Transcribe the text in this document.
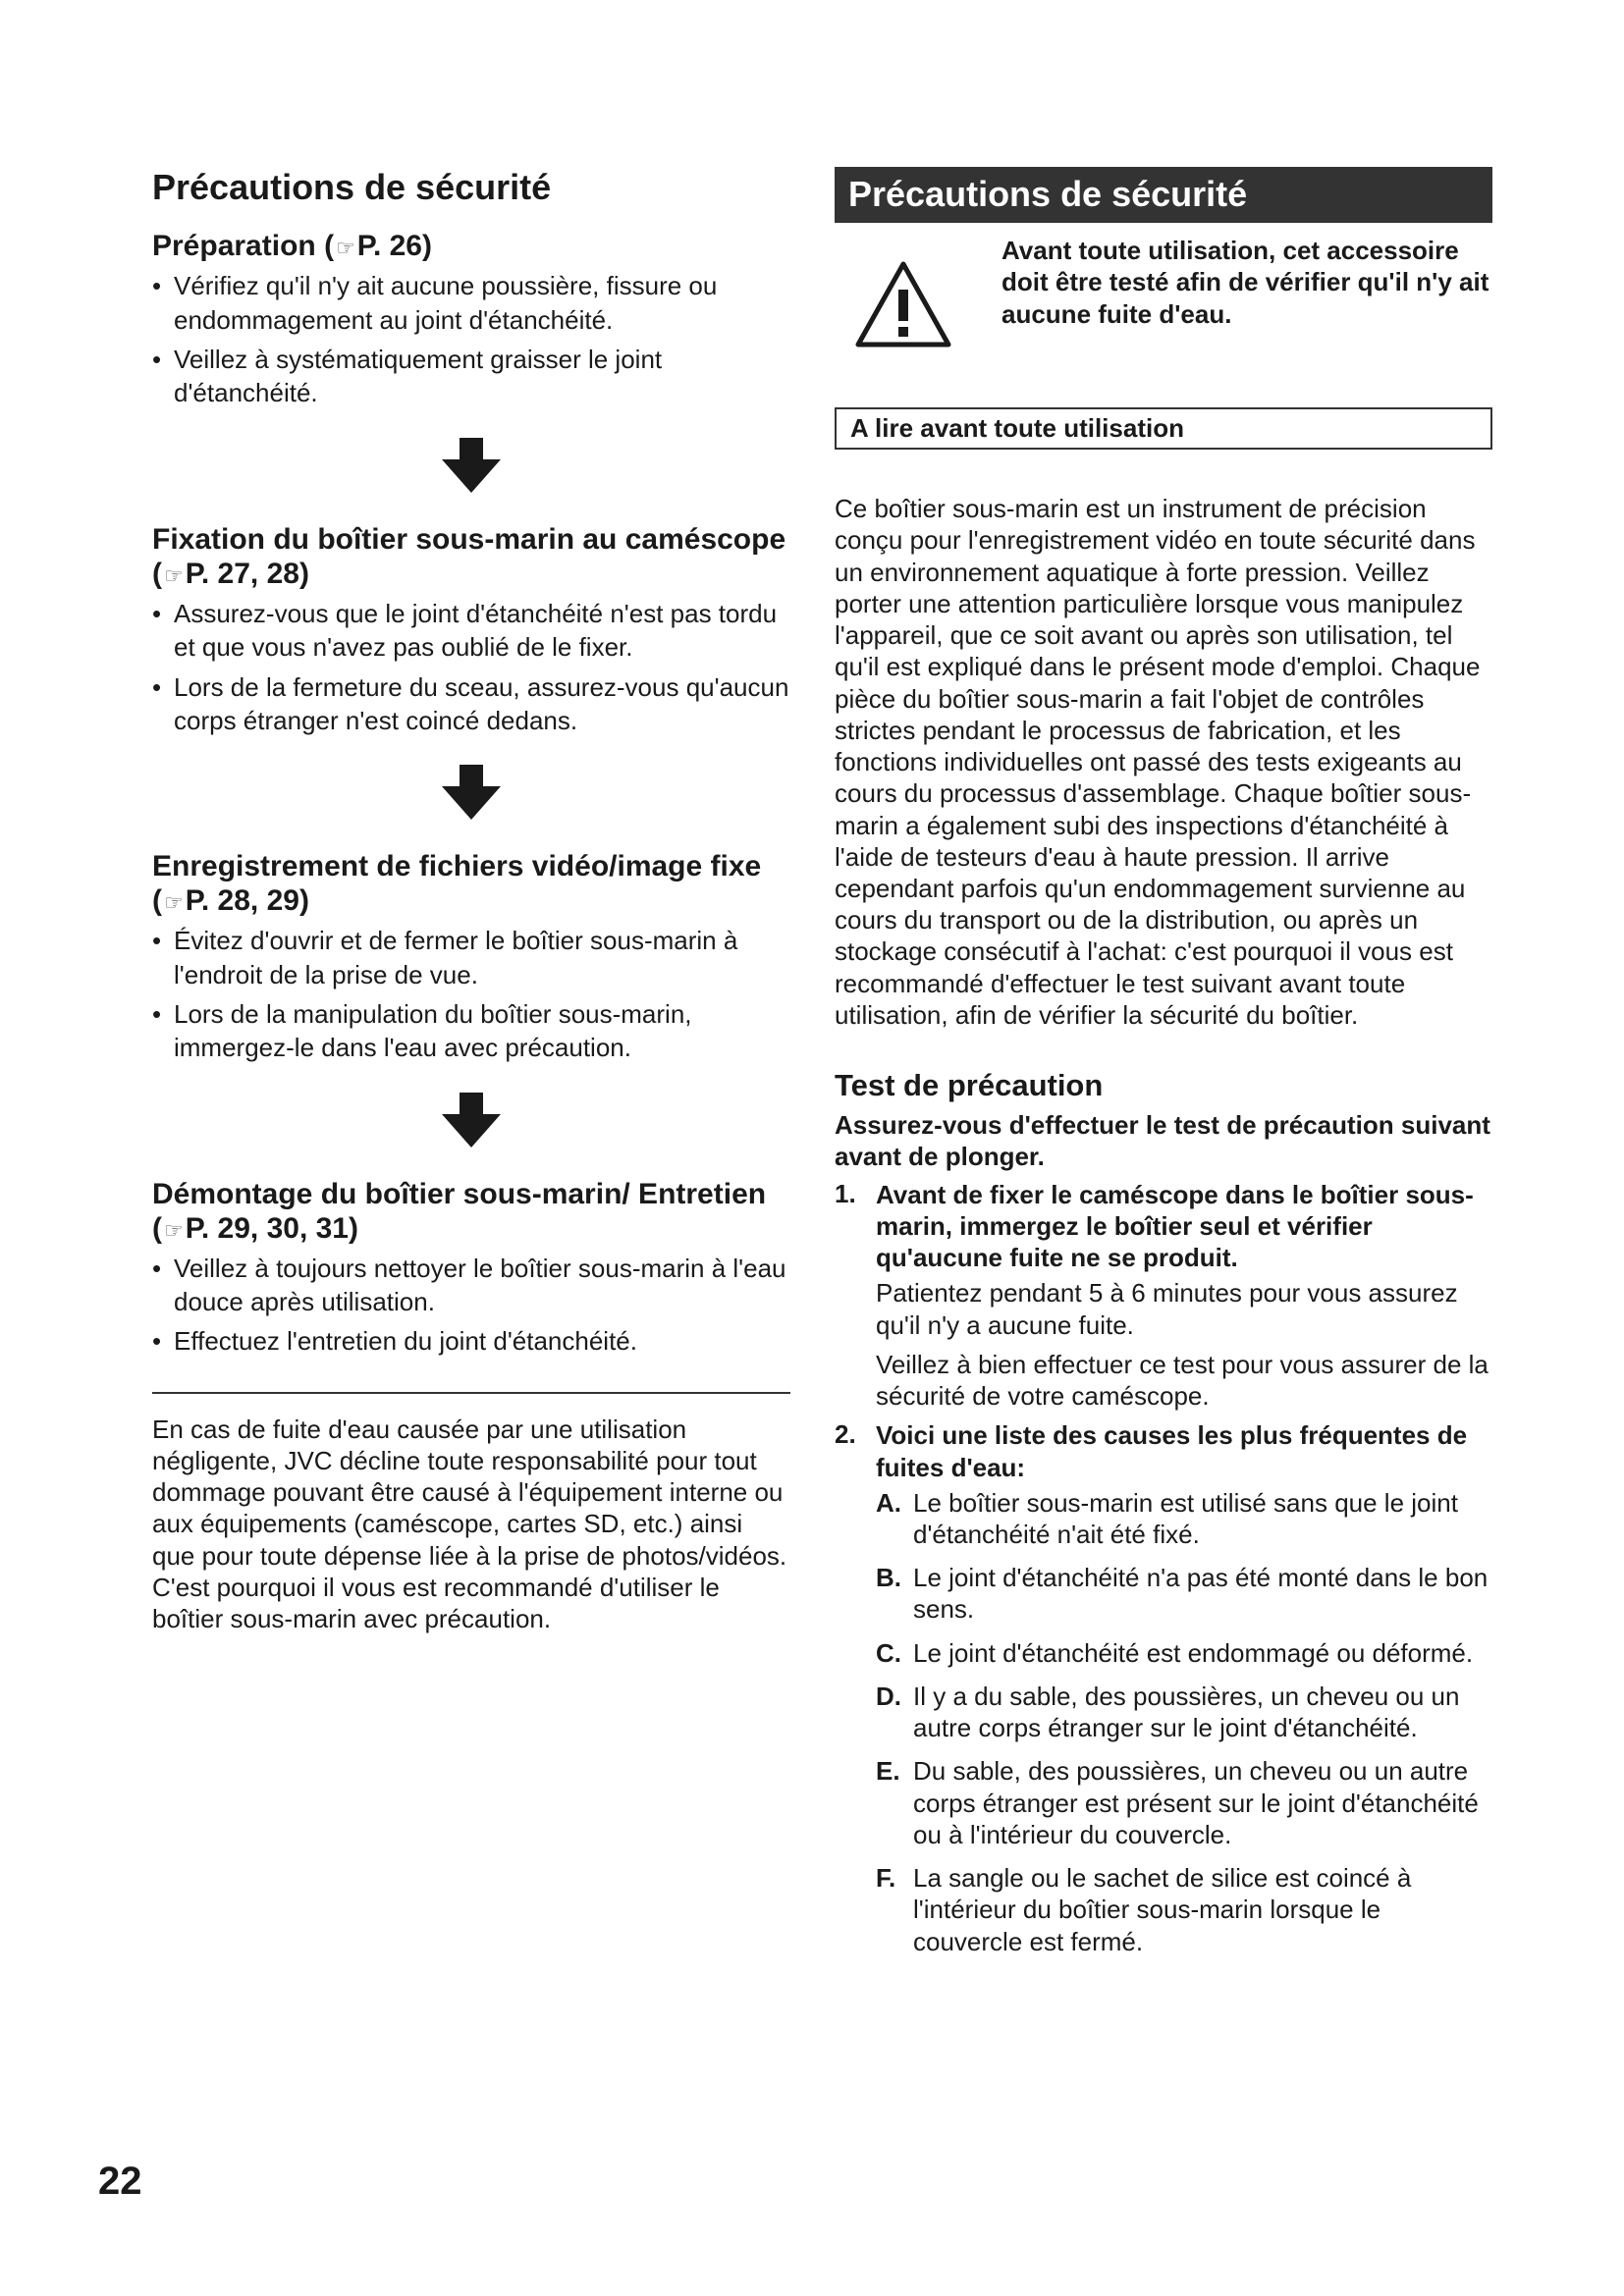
Précautions de sécurité
Préparation (☞P. 26)
• Vérifiez qu'il n'y ait aucune poussière, fissure ou endommagement au joint d'étanchéité.
• Veillez à systématiquement graisser le joint d'étanchéité.
Fixation du boîtier sous-marin au caméscope (☞P. 27, 28)
• Assurez-vous que le joint d'étanchéité n'est pas tordu et que vous n'avez pas oublié de le fixer.
• Lors de la fermeture du sceau, assurez-vous qu'aucun corps étranger n'est coincé dedans.
Enregistrement de fichiers vidéo/image fixe (☞P. 28, 29)
• Évitez d'ouvrir et de fermer le boîtier sous-marin à l'endroit de la prise de vue.
• Lors de la manipulation du boîtier sous-marin, immergez-le dans l'eau avec précaution.
Démontage du boîtier sous-marin/ Entretien (☞P. 29, 30, 31)
• Veillez à toujours nettoyer le boîtier sous-marin à l'eau douce après utilisation.
• Effectuez l'entretien du joint d'étanchéité.

En cas de fuite d'eau causée par une utilisation négligente, JVC décline toute responsabilité pour tout dommage pouvant être causé à l'équipement interne ou aux équipements (caméscope, cartes SD, etc.) ainsi que pour toute dépense liée à la prise de photos/vidéos. C'est pourquoi il vous est recommandé d'utiliser le boîtier sous-marin avec précaution.

Précautions de sécurité
Avant toute utilisation, cet accessoire doit être testé afin de vérifier qu'il n'y ait aucune fuite d'eau.
A lire avant toute utilisation

Ce boîtier sous-marin est un instrument de précision conçu pour l'enregistrement vidéo en toute sécurité dans un environnement aquatique à forte pression. Veillez porter une attention particulière lorsque vous manipulez l'appareil, que ce soit avant ou après son utilisation, tel qu'il est expliqué dans le présent mode d'emploi. Chaque pièce du boîtier sous-marin a fait l'objet de contrôles strictes pendant le processus de fabrication, et les fonctions individuelles ont passé des tests exigeants au cours du processus d'assemblage. Chaque boîtier sous-marin a également subi des inspections d'étanchéité à l'aide de testeurs d'eau à haute pression. Il arrive cependant parfois qu'un endommagement survienne au cours du transport ou de la distribution, ou après un stockage consécutif à l'achat: c'est pourquoi il vous est recommandé d'effectuer le test suivant avant toute utilisation, afin de vérifier la sécurité du boîtier.

Test de précaution
Assurez-vous d'effectuer le test de précaution suivant avant de plonger.
1. Avant de fixer le caméscope dans le boîtier sous-marin, immergez le boîtier seul et vérifier qu'aucune fuite ne se produit.
Patientez pendant 5 à 6 minutes pour vous assurez qu'il n'y a aucune fuite.
Veillez à bien effectuer ce test pour vous assurer de la sécurité de votre caméscope.
2. Voici une liste des causes les plus fréquentes de fuites d'eau:
A. Le boîtier sous-marin est utilisé sans que le joint d'étanchéité n'ait été fixé.
B. Le joint d'étanchéité n'a pas été monté dans le bon sens.
C. Le joint d'étanchéité est endommagé ou déformé.
D. Il y a du sable, des poussières, un cheveu ou un autre corps étranger sur le joint d'étanchéité.
E. Du sable, des poussières, un cheveu ou un autre corps étranger est présent sur le joint d'étanchéité ou à l'intérieur du couvercle.
F. La sangle ou le sachet de silice est coincé à l'intérieur du boîtier sous-marin lorsque le couvercle est fermé.
22
